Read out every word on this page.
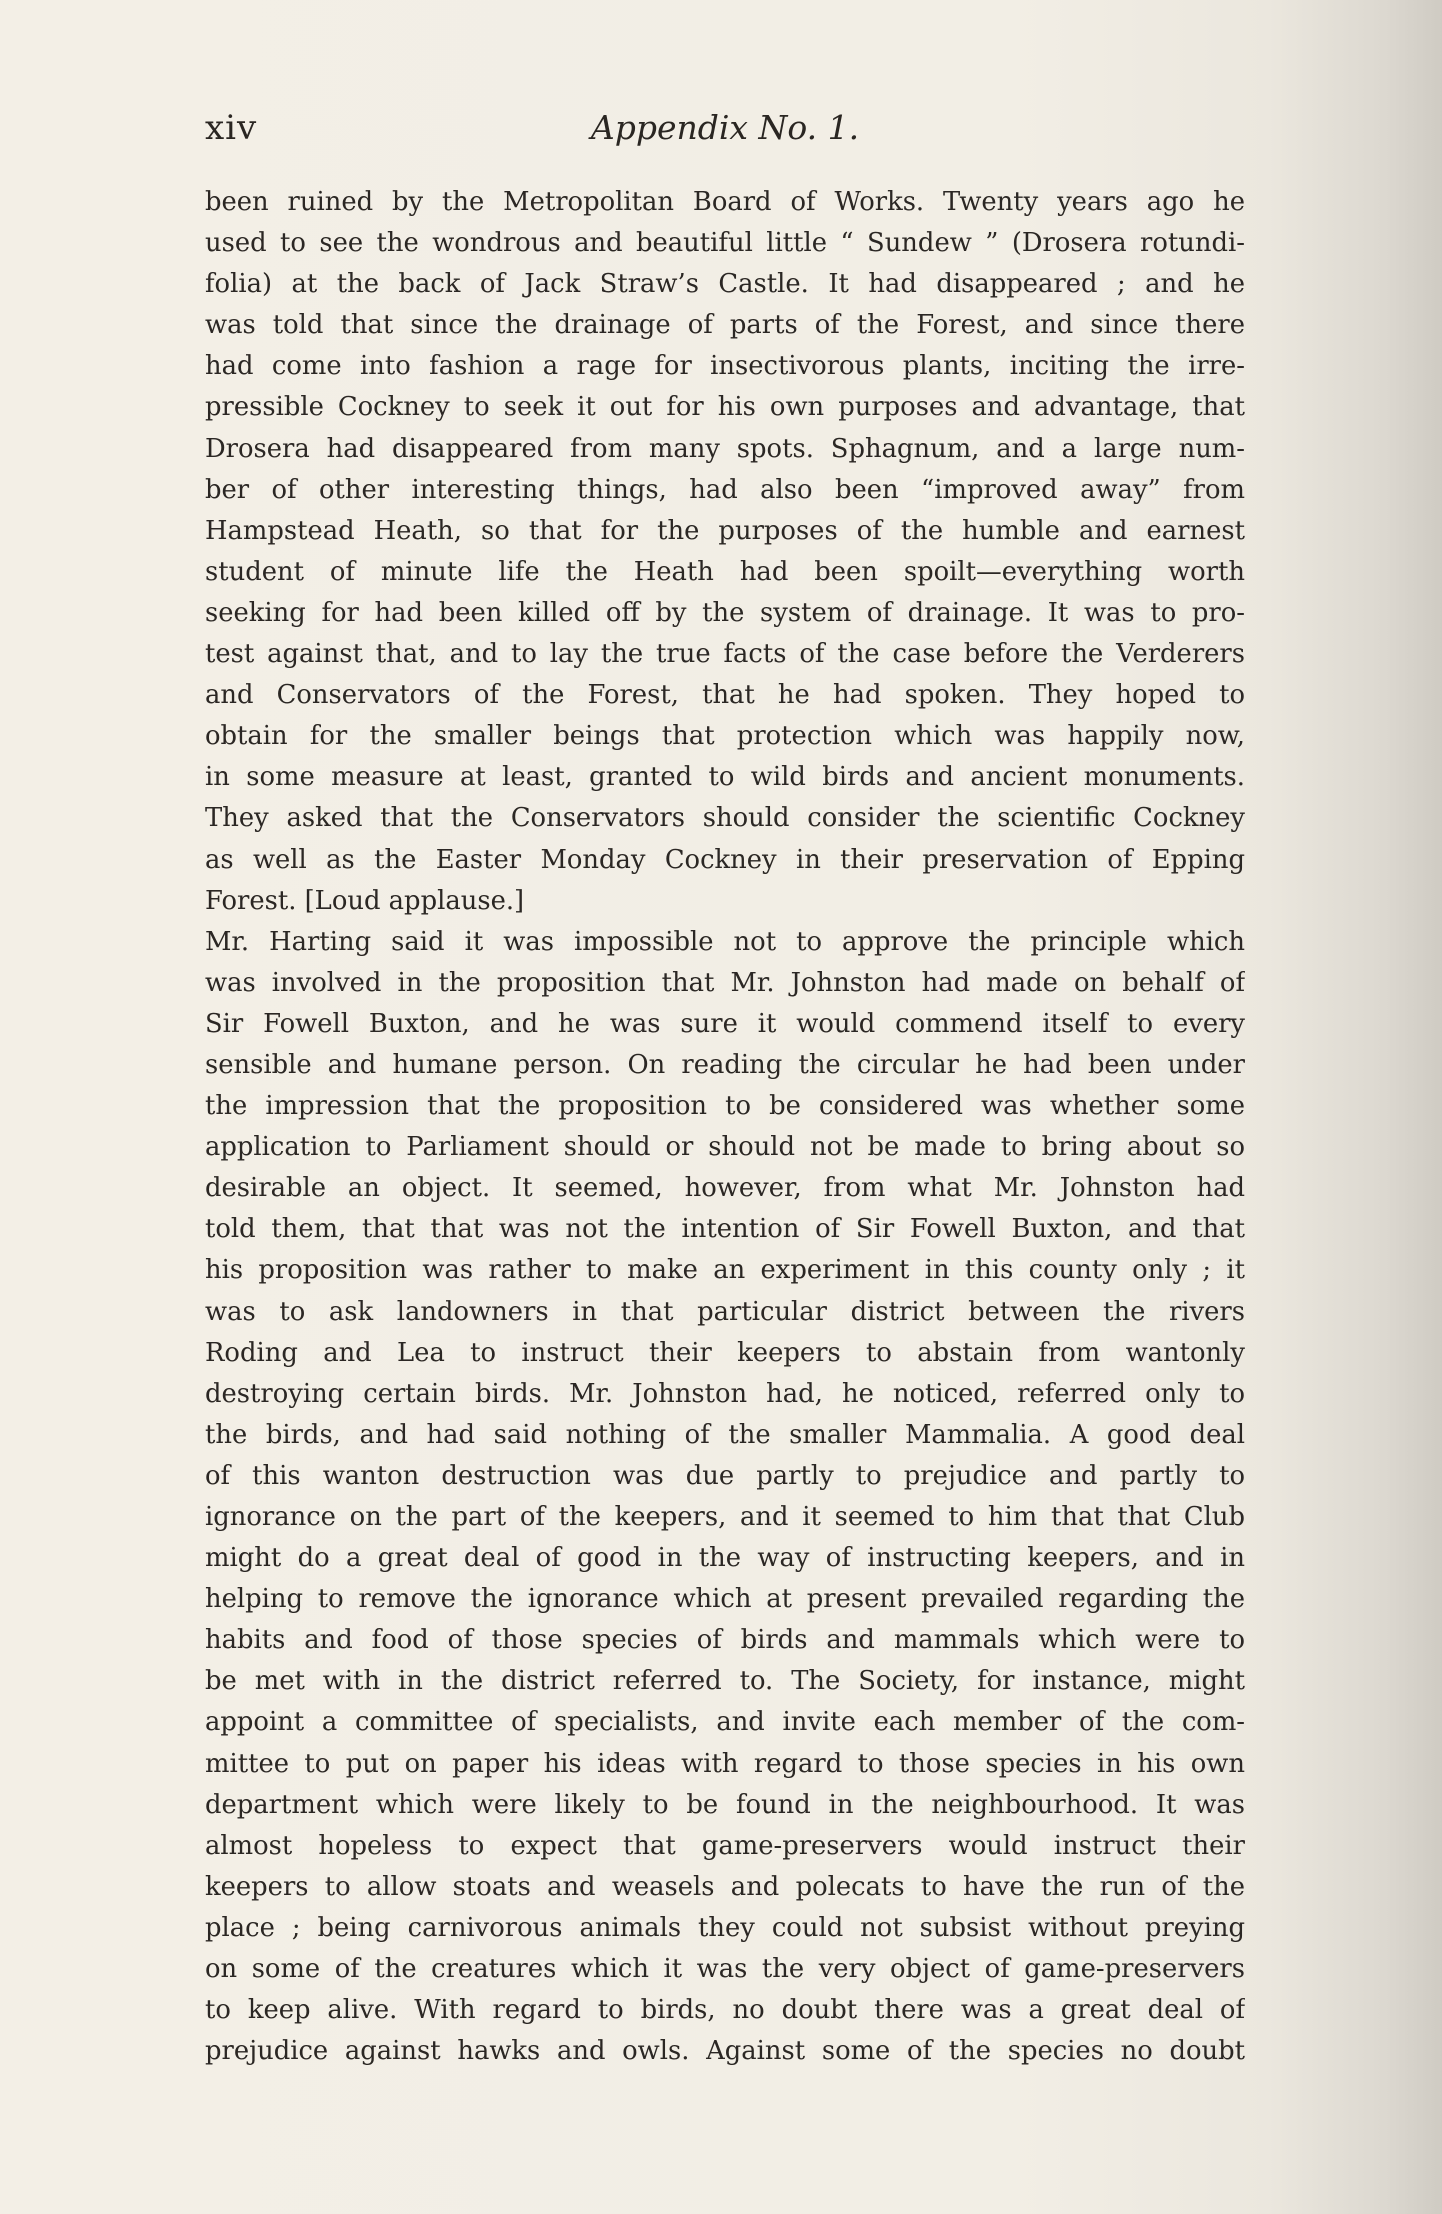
xiv	Appendix No. 1.
been ruined by the Metropolitan Board of Works. Twenty years ago he
used to see the wondrous and beautiful little “ Sundew ” (Drosera rotundi-
folia) at the back of Jack Straw’s Castle. It had disappeared ; and he
was told that since the drainage of parts of the Forest, and since there
had come into fashion a rage for insectivorous plants, inciting the irre-
pressible Cockney to seek it out for his own purposes and advantage, that
Drosera had disappeared from many spots. Sphagnum, and a large num-
ber of other interesting things, had also been “improved away” from
Hampstead Heath, so that for the purposes of the humble and earnest
student of minute life the Heath had been spoilt—everything worth
seeking for had been killed off by the system of drainage. It was to pro-
test against that, and to lay the true facts of the case before the Verderers
and Conservators of the Forest, that he had spoken. They hoped to
obtain for the smaller beings that protection which was happily now,
in some measure at least, granted to wild birds and ancient monuments.
They asked that the Conservators should consider the scientific Cockney
as well as the Easter Monday Cockney in their preservation of Epping
Forest. [Loud applause.]
Mr. Harting said it was impossible not to approve the principle which
was involved in the proposition that Mr. Johnston had made on behalf of
Sir Fowell Buxton, and he was sure it would commend itself to every
sensible and humane person. On reading the circular he had been under
the impression that the proposition to be considered was whether some
application to Parliament should or should not be made to bring about so
desirable an object. It seemed, however, from what Mr. Johnston had
told them, that that was not the intention of Sir Fowell Buxton, and that
his proposition was rather to make an experiment in this county only ; it
was to ask landowners in that particular district between the rivers
Roding and Lea to instruct their keepers to abstain from wantonly
destroying certain birds. Mr. Johnston had, he noticed, referred only to
the birds, and had said nothing of the smaller Mammalia. A good deal
of this wanton destruction was due partly to prejudice and partly to
ignorance on the part of the keepers, and it seemed to him that that Club
might do a great deal of good in the way of instructing keepers, and in
helping to remove the ignorance which at present prevailed regarding the
habits and food of those species of birds and mammals which were to
be met with in the district referred to. The Society, for instance, might
appoint a committee of specialists, and invite each member of the com-
mittee to put on paper his ideas with regard to those species in his own
department which were likely to be found in the neighbourhood. It was
almost hopeless to expect that game-preservers would instruct their
keepers to allow stoats and weasels and polecats to have the run of the
place ; being carnivorous animals they could not subsist without preying
on some of the creatures which it was the very object of game-preservers
to keep alive. With regard to birds, no doubt there was a great deal of
prejudice against hawks and owls. Against some of the species no doubt
